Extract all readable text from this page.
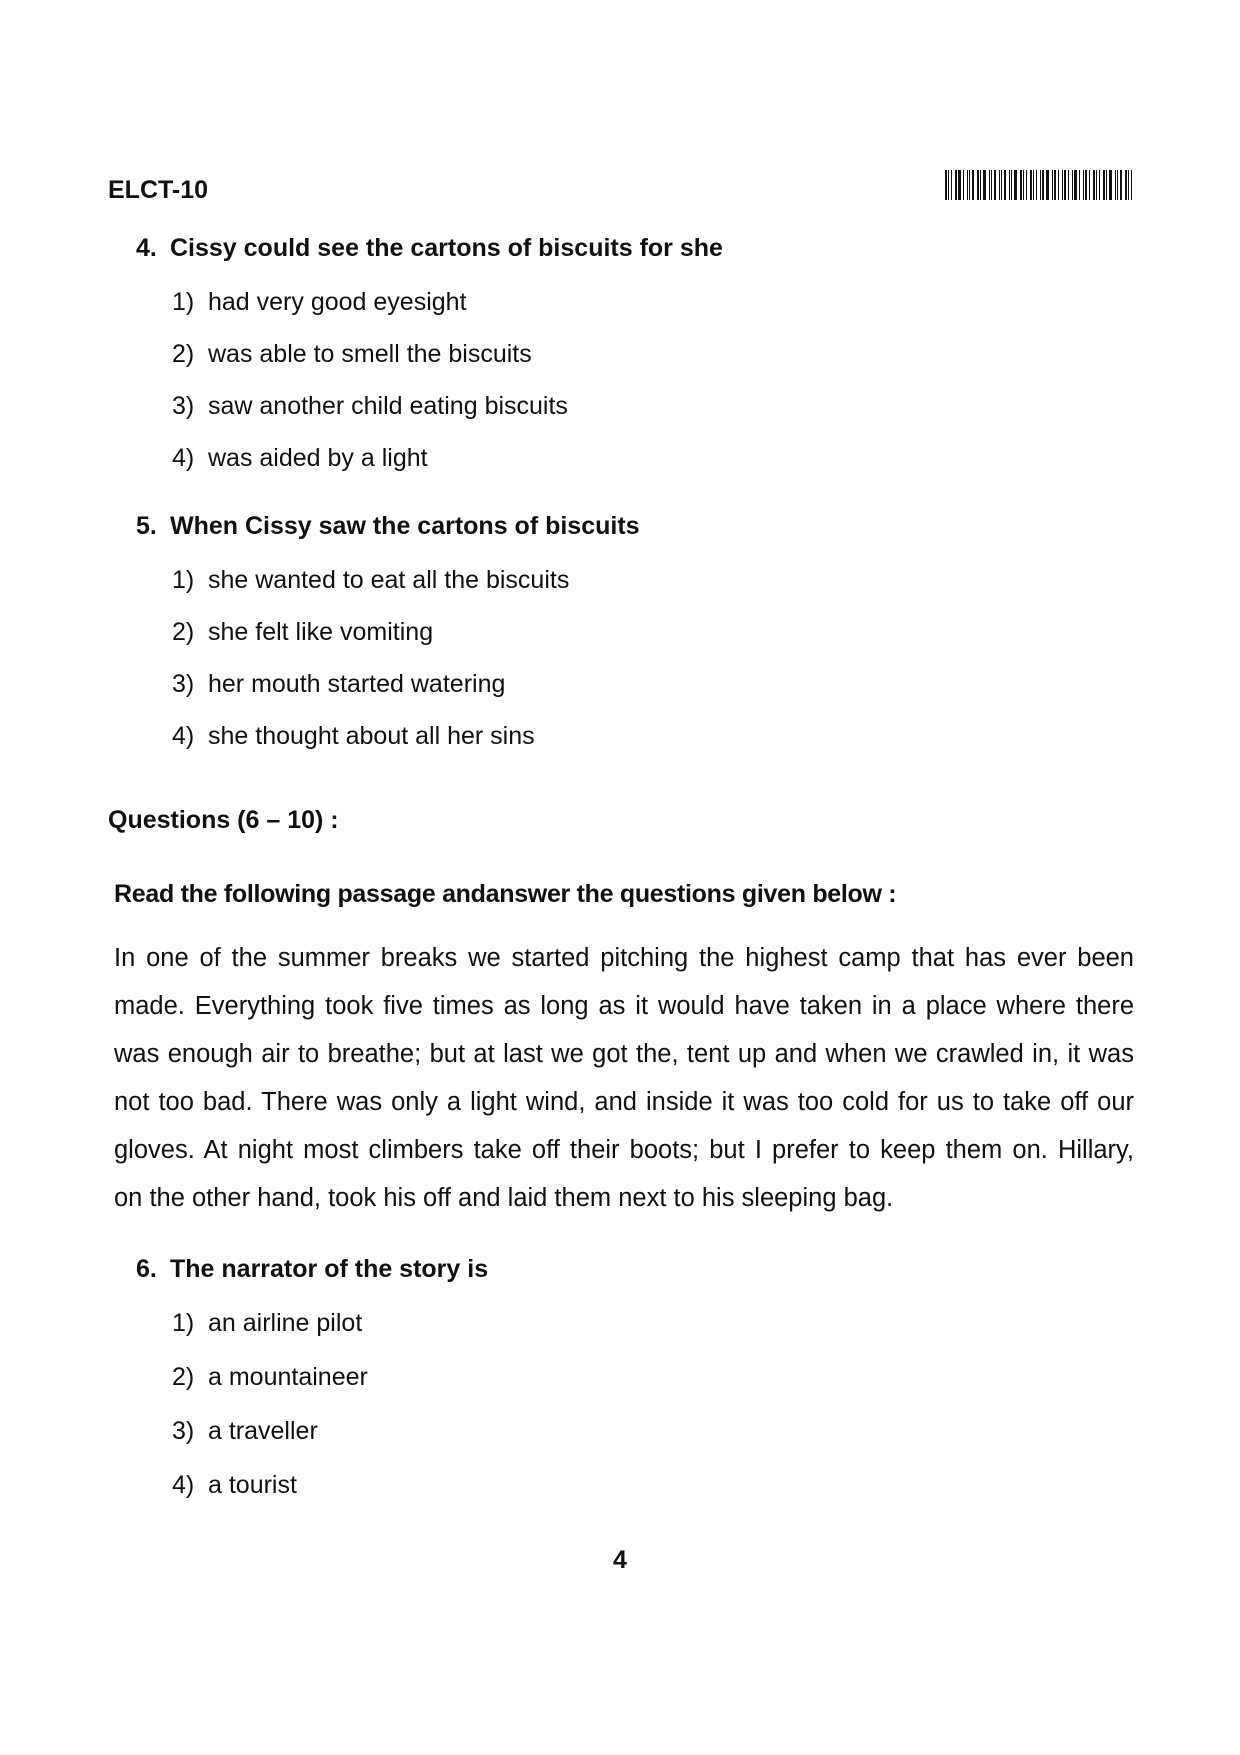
ELCT-10
4. Cissy could see the cartons of biscuits for she
1) had very good eyesight
2) was able to smell the biscuits
3) saw another child eating biscuits
4) was aided by a light
5. When Cissy saw the cartons of biscuits
1) she wanted to eat all the biscuits
2) she felt like vomiting
3) her mouth started watering
4) she thought about all her sins
Questions (6 – 10) :
Read the following passage andanswer the questions given below :
In one of the summer breaks we started pitching the highest camp that has ever been
made. Everything took five times as long as it would have taken in a place where there
was enough air to breathe; but at last we got the, tent up and when we crawled in, it was
not too bad. There was only a light wind, and inside it was too cold for us to take off our
gloves. At night most climbers take off their boots; but I prefer to keep them on. Hillary,
on the other hand, took his off and laid them next to his sleeping bag.
6. The narrator of the story is
1) an airline pilot
2) a mountaineer
3) a traveller
4) a tourist
4
